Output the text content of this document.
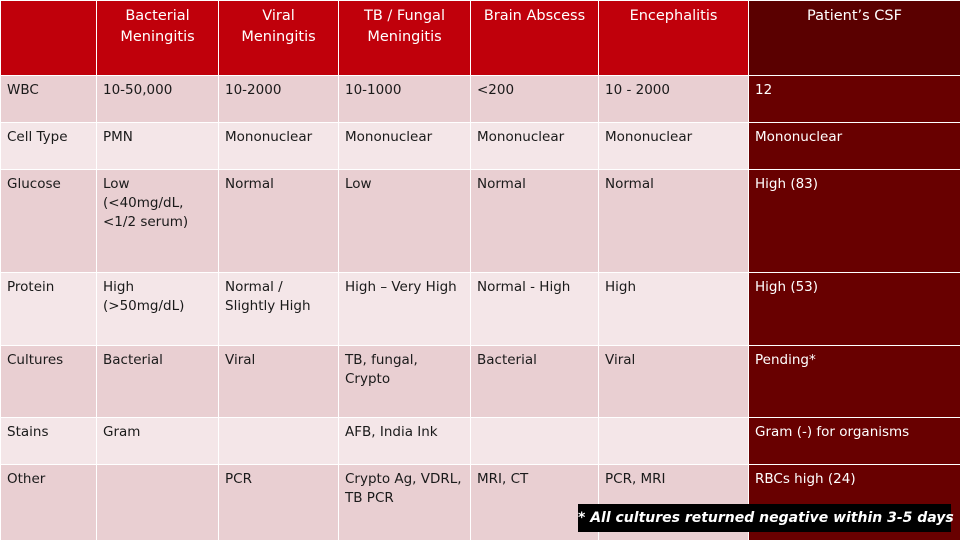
	Bacterial Meningitis	Viral Meningitis	TB / Fungal Meningitis	Brain Abscess	Encephalitis	Patient’s CSF
WBC	10-50,000	10-2000	10-1000	<200	10 - 2000	12
Cell Type	PMN	Mononuclear	Mononuclear	Mononuclear	Mononuclear	Mononuclear
Glucose	Low (<40mg/dL, <1/2 serum)	Normal	Low	Normal	Normal	High (83)
Protein	High (>50mg/dL)	Normal / Slightly High	High – Very High	Normal - High	High	High (53)
Cultures	Bacterial	Viral	TB, fungal, Crypto	Bacterial	Viral	Pending*
Stains	Gram		AFB, India Ink			Gram (-) for organisms
Other		PCR	Crypto Ag, VDRL, TB PCR	MRI, CT	PCR, MRI	RBCs high (24)
* All cultures returned negative within 3-5 days
